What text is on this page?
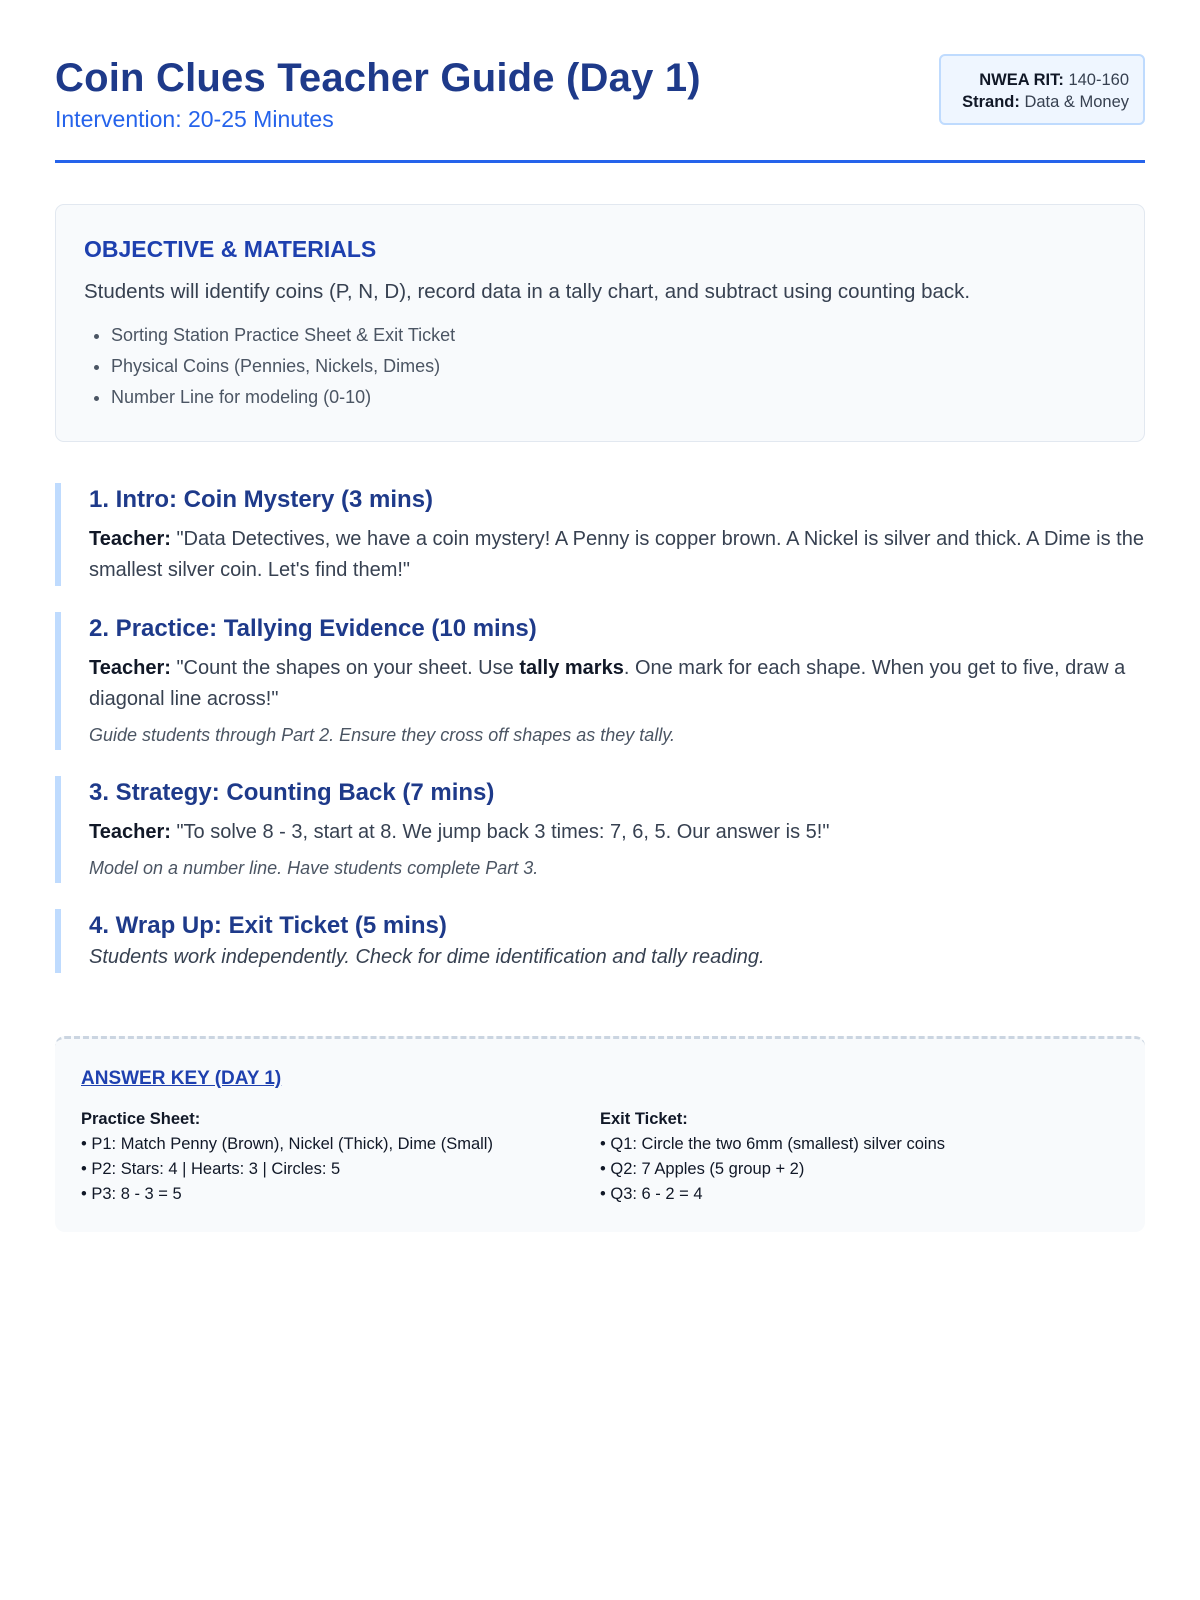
Coin Clues Teacher Guide (Day 1)
Intervention: 20-25 Minutes
NWEA RIT: 140-160
Strand: Data & Money
OBJECTIVE & MATERIALS
Students will identify coins (P, N, D), record data in a tally chart, and subtract using counting back.
• Sorting Station Practice Sheet & Exit Ticket
• Physical Coins (Pennies, Nickels, Dimes)
• Number Line for modeling (0-10)
1. Intro: Coin Mystery (3 mins)
Teacher: "Data Detectives, we have a coin mystery! A Penny is copper brown. A Nickel is silver and thick. A Dime is the smallest silver coin. Let's find them!"
2. Practice: Tallying Evidence (10 mins)
Teacher: "Count the shapes on your sheet. Use tally marks. One mark for each shape. When you get to five, draw a diagonal line across!"
Guide students through Part 2. Ensure they cross off shapes as they tally.
3. Strategy: Counting Back (7 mins)
Teacher: "To solve 8 - 3, start at 8. We jump back 3 times: 7, 6, 5. Our answer is 5!"
Model on a number line. Have students complete Part 3.
4. Wrap Up: Exit Ticket (5 mins)
Students work independently. Check for dime identification and tally reading.
ANSWER KEY (DAY 1)
Practice Sheet:
• P1: Match Penny (Brown), Nickel (Thick), Dime (Small)
• P2: Stars: 4 | Hearts: 3 | Circles: 5
• P3: 8 - 3 = 5
Exit Ticket:
• Q1: Circle the two 6mm (smallest) silver coins
• Q2: 7 Apples (5 group + 2)
• Q3: 6 - 2 = 4
